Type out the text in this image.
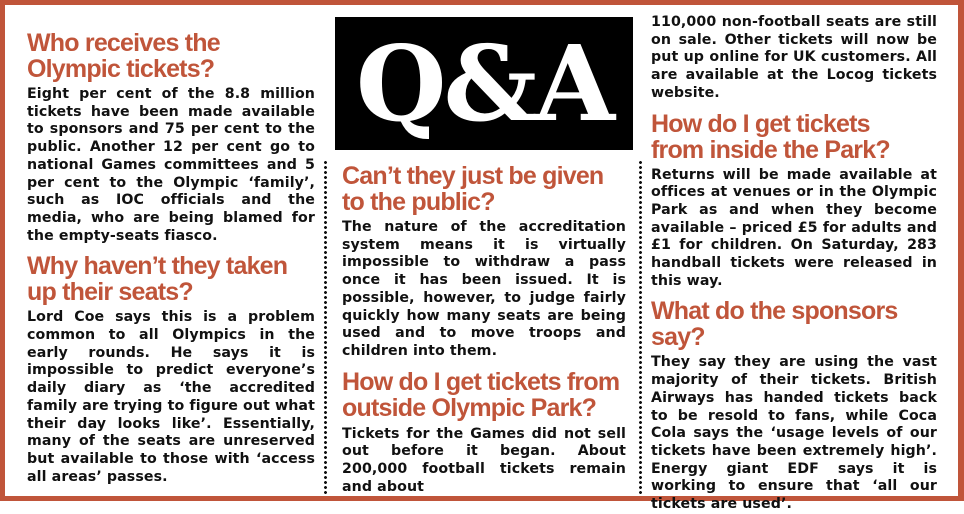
Q&A
Who receives the Olympic tickets?

Eight per cent of the 8.8 million tickets have been made available to sponsors and 75 per cent to the public. Another 12 per cent go to national Games committees and 5 per cent to the Olympic ‘family’, such as IOC officials and the media, who are being blamed for the empty-seats fiasco.

Why haven’t they taken up their seats?

Lord Coe says this is a problem common to all Olympics in the early rounds. He says it is impossible to predict everyone’s daily diary as ‘the accredited family are trying to figure out what their day looks like’. Essentially, many of the seats are unreserved but available to those with ‘access all areas’ passes.

Can’t they just be given to the public?

The nature of the accreditation system means it is virtually impossible to withdraw a pass once it has been issued. It is possible, however, to judge fairly quickly how many seats are being used and to move troops and children into them.

How do I get tickets from outside Olympic Park?

Tickets for the Games did not sell out before it began. About 200,000 football tickets remain and about

110,000 non-football seats are still on sale. Other tickets will now be put up online for UK customers. All are available at the Locog tickets website.

How do I get tickets from inside the Park?

Returns will be made available at offices at venues or in the Olympic Park as and when they become available – priced £5 for adults and £1 for children. On Saturday, 283 handball tickets were released in this way.

What do the sponsors say?

They say they are using the vast majority of their tickets. British Airways has handed tickets back to be resold to fans, while Coca Cola says the ‘usage levels of our tickets have been extremely high’. Energy giant EDF says it is working to ensure that ‘all our tickets are used’.
